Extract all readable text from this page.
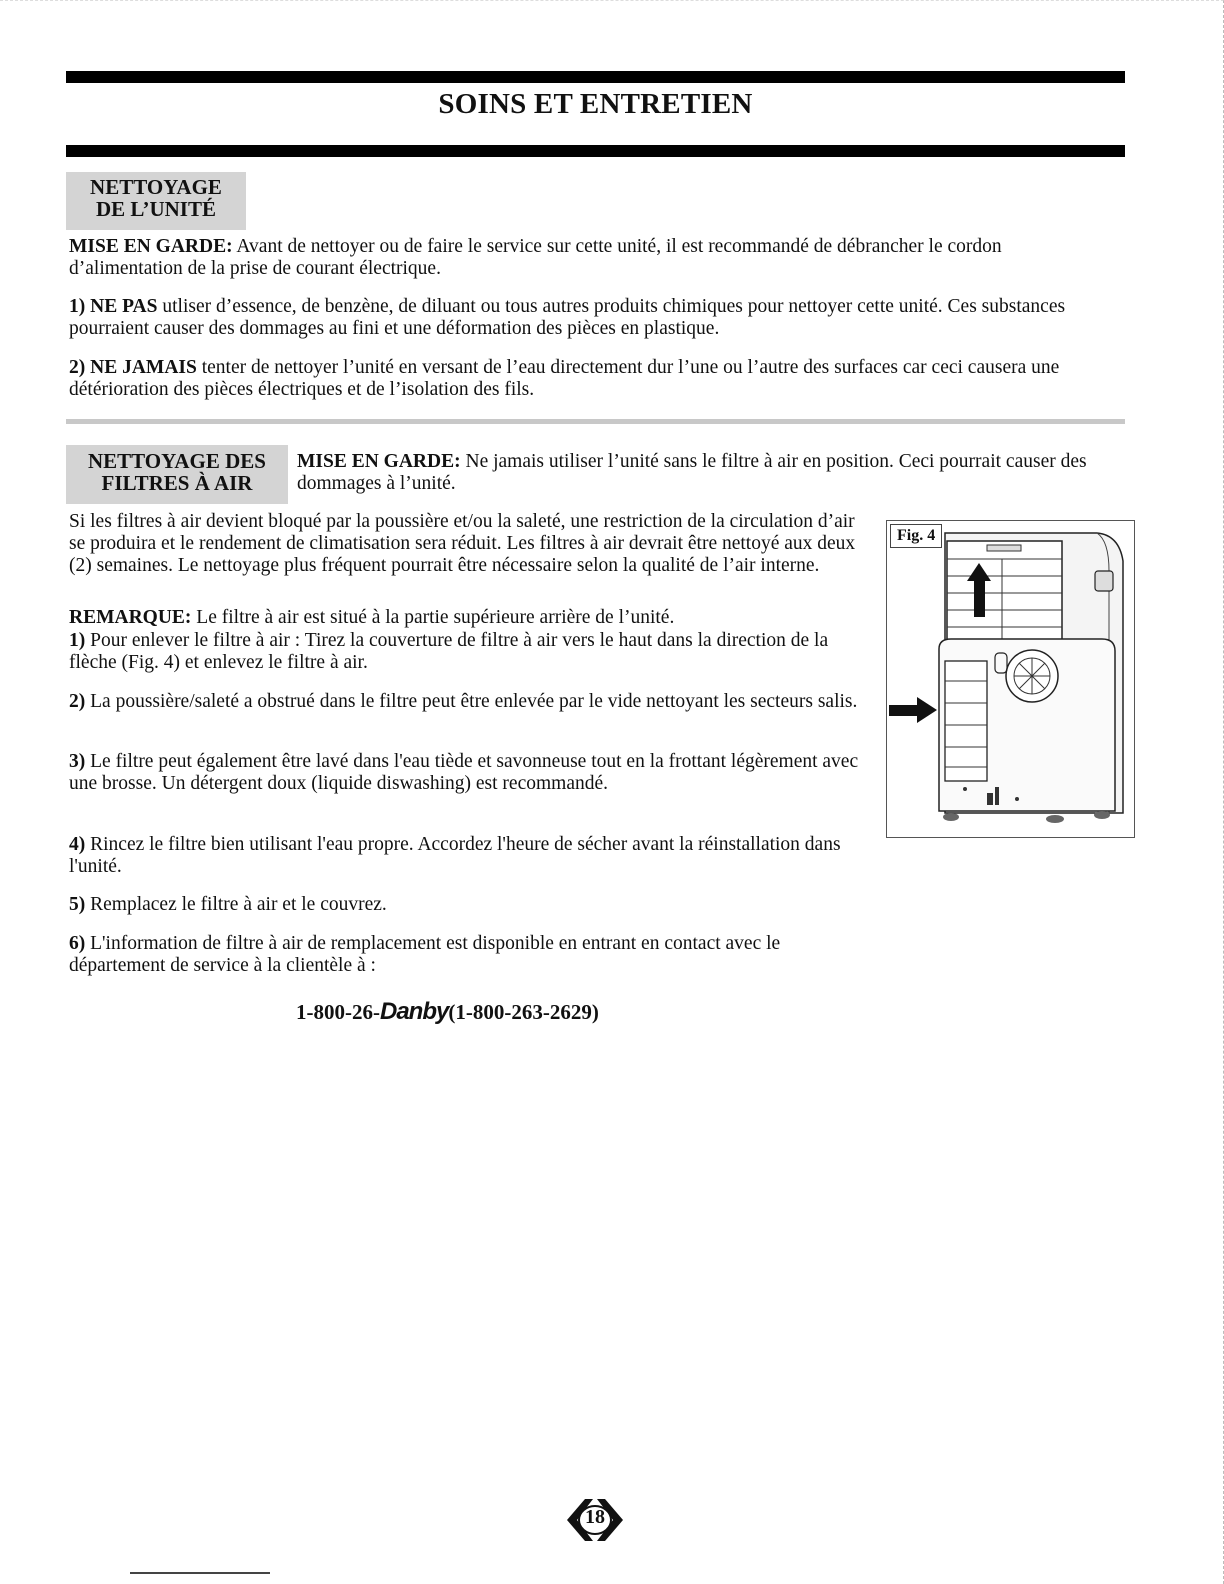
SOINS ET ENTRETIEN
NETTOYAGE
DE L’UNITÉ
MISE EN GARDE: Avant de nettoyer ou de faire le service sur cette unité, il est recommandé de débrancher le cordon d’alimentation de la prise de courant électrique.
1) NE PAS utliser d’essence, de benzène, de diluant ou tous autres produits chimiques pour nettoyer cette unité. Ces substances pourraient causer des dommages au fini et une déformation des pièces en plastique.
2) NE JAMAIS tenter de nettoyer l’unité en versant de l’eau directement dur l’une ou l’autre des surfaces car ceci causera une détérioration des pièces électriques et de l’isolation des fils.
NETTOYAGE DES
FILTRES À AIR
MISE EN GARDE: Ne jamais utiliser l’unité sans le filtre à air en position. Ceci pourrait causer des dommages à l’unité.
Si les filtres à air devient bloqué par la poussière et/ou la saleté, une restriction de la circulation d’air se produira et le rendement de climatisation sera réduit. Les filtres à air devrait être nettoyé aux deux (2) semaines. Le nettoyage plus fréquent pourrait être nécessaire selon la qualité de l’air interne.
REMARQUE: Le filtre à air est situé à la partie supérieure arrière de l’unité.
1) Pour enlever le filtre à air : Tirez la couverture de filtre à air vers le haut dans la direction de la flèche (Fig. 4) et enlevez le filtre à air.
2) La poussière/saleté a obstrué dans le filtre peut être enlevée par le vide nettoyant les secteurs salis.
3) Le filtre peut également être lavé dans l'eau tiède et savonneuse tout en la frottant légèrement avec une brosse. Un détergent doux (liquide diswashing) est recommandé.
4) Rincez le filtre bien utilisant l'eau propre. Accordez l'heure de sécher avant la réinstallation dans l'unité.
5) Remplacez le filtre à air et le couvrez.
6) L'information de filtre à air de remplacement est disponible en entrant en contact avec le département de service à la clientèle à :
1-800-26-Danby(1-800-263-2629)
Fig. 4
18
